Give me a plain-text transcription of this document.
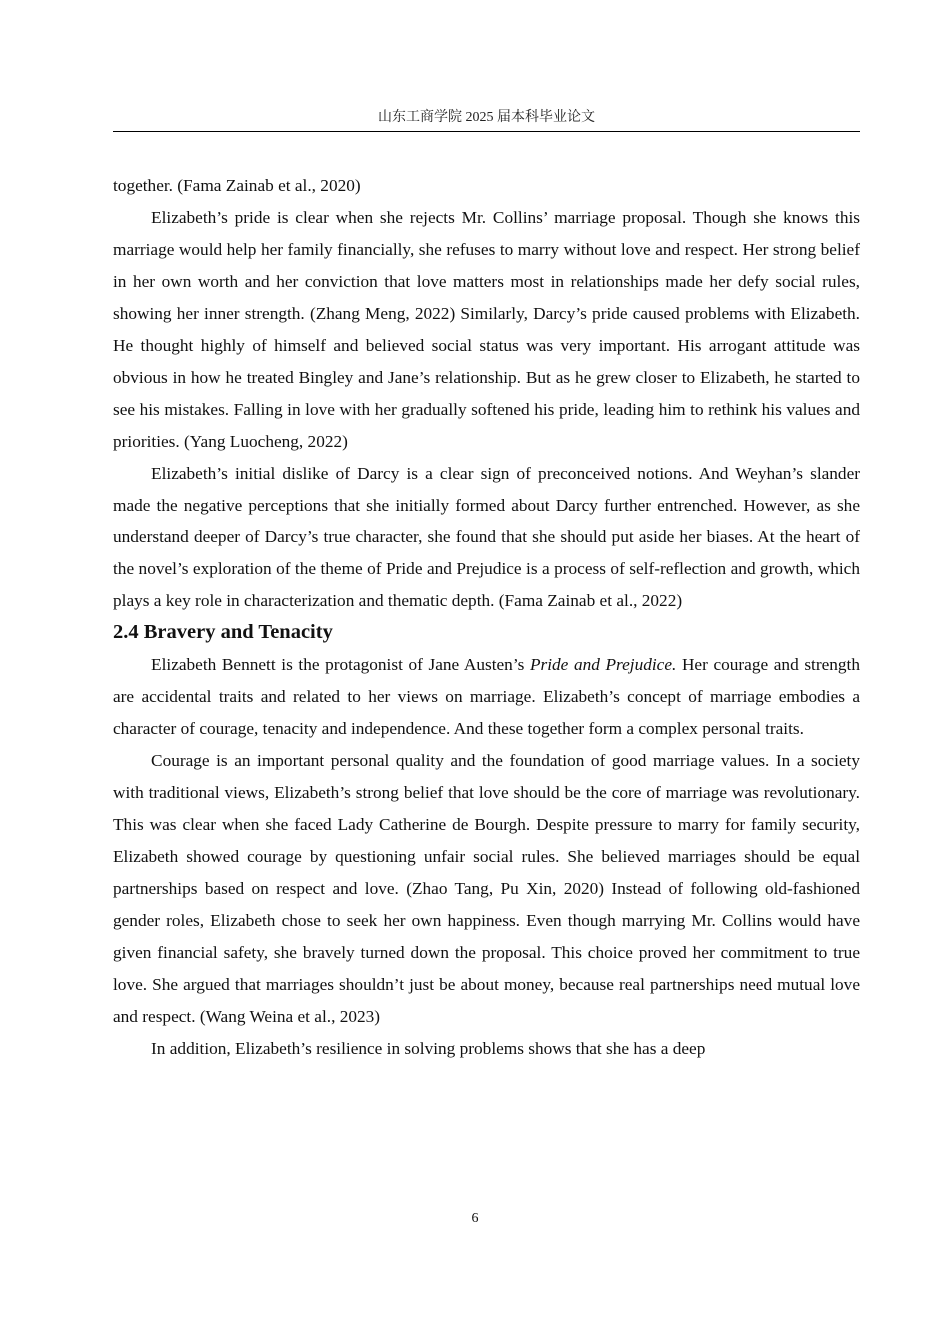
山东工商学院 2025 届本科毕业论文

together. (Fama Zainab et al., 2020)

Elizabeth’s pride is clear when she rejects Mr. Collins’ marriage proposal. Though she knows this marriage would help her family financially, she refuses to marry without love and respect. Her strong belief in her own worth and her conviction that love matters most in relationships made her defy social rules, showing her inner strength. (Zhang Meng, 2022) Similarly, Darcy’s pride caused problems with Elizabeth. He thought highly of himself and believed social status was very important. His arrogant attitude was obvious in how he treated Bingley and Jane’s relationship. But as he grew closer to Elizabeth, he started to see his mistakes. Falling in love with her gradually softened his pride, leading him to rethink his values and priorities. (Yang Luocheng, 2022)

Elizabeth’s initial dislike of Darcy is a clear sign of preconceived notions. And Weyhan’s slander made the negative perceptions that she initially formed about Darcy further entrenched. However, as she understand deeper of Darcy’s true character, she found that she should put aside her biases. At the heart of the novel’s exploration of the theme of Pride and Prejudice is a process of self-reflection and growth, which plays a key role in characterization and thematic depth. (Fama Zainab et al., 2022)

2.4 Bravery and Tenacity

Elizabeth Bennett is the protagonist of Jane Austen’s Pride and Prejudice. Her courage and strength are accidental traits and related to her views on marriage. Elizabeth’s concept of marriage embodies a character of courage, tenacity and independence. And these together form a complex personal traits.

Courage is an important personal quality and the foundation of good marriage values. In a society with traditional views, Elizabeth’s strong belief that love should be the core of marriage was revolutionary. This was clear when she faced Lady Catherine de Bourgh. Despite pressure to marry for family security, Elizabeth showed courage by questioning unfair social rules. She believed marriages should be equal partnerships based on respect and love. (Zhao Tang, Pu Xin, 2020) Instead of following old-fashioned gender roles, Elizabeth chose to seek her own happiness. Even though marrying Mr. Collins would have given financial safety, she bravely turned down the proposal. This choice proved her commitment to true love. She argued that marriages shouldn’t just be about money, because real partnerships need mutual love and respect. (Wang Weina et al., 2023)

In addition, Elizabeth’s resilience in solving problems shows that she has a deep

6
